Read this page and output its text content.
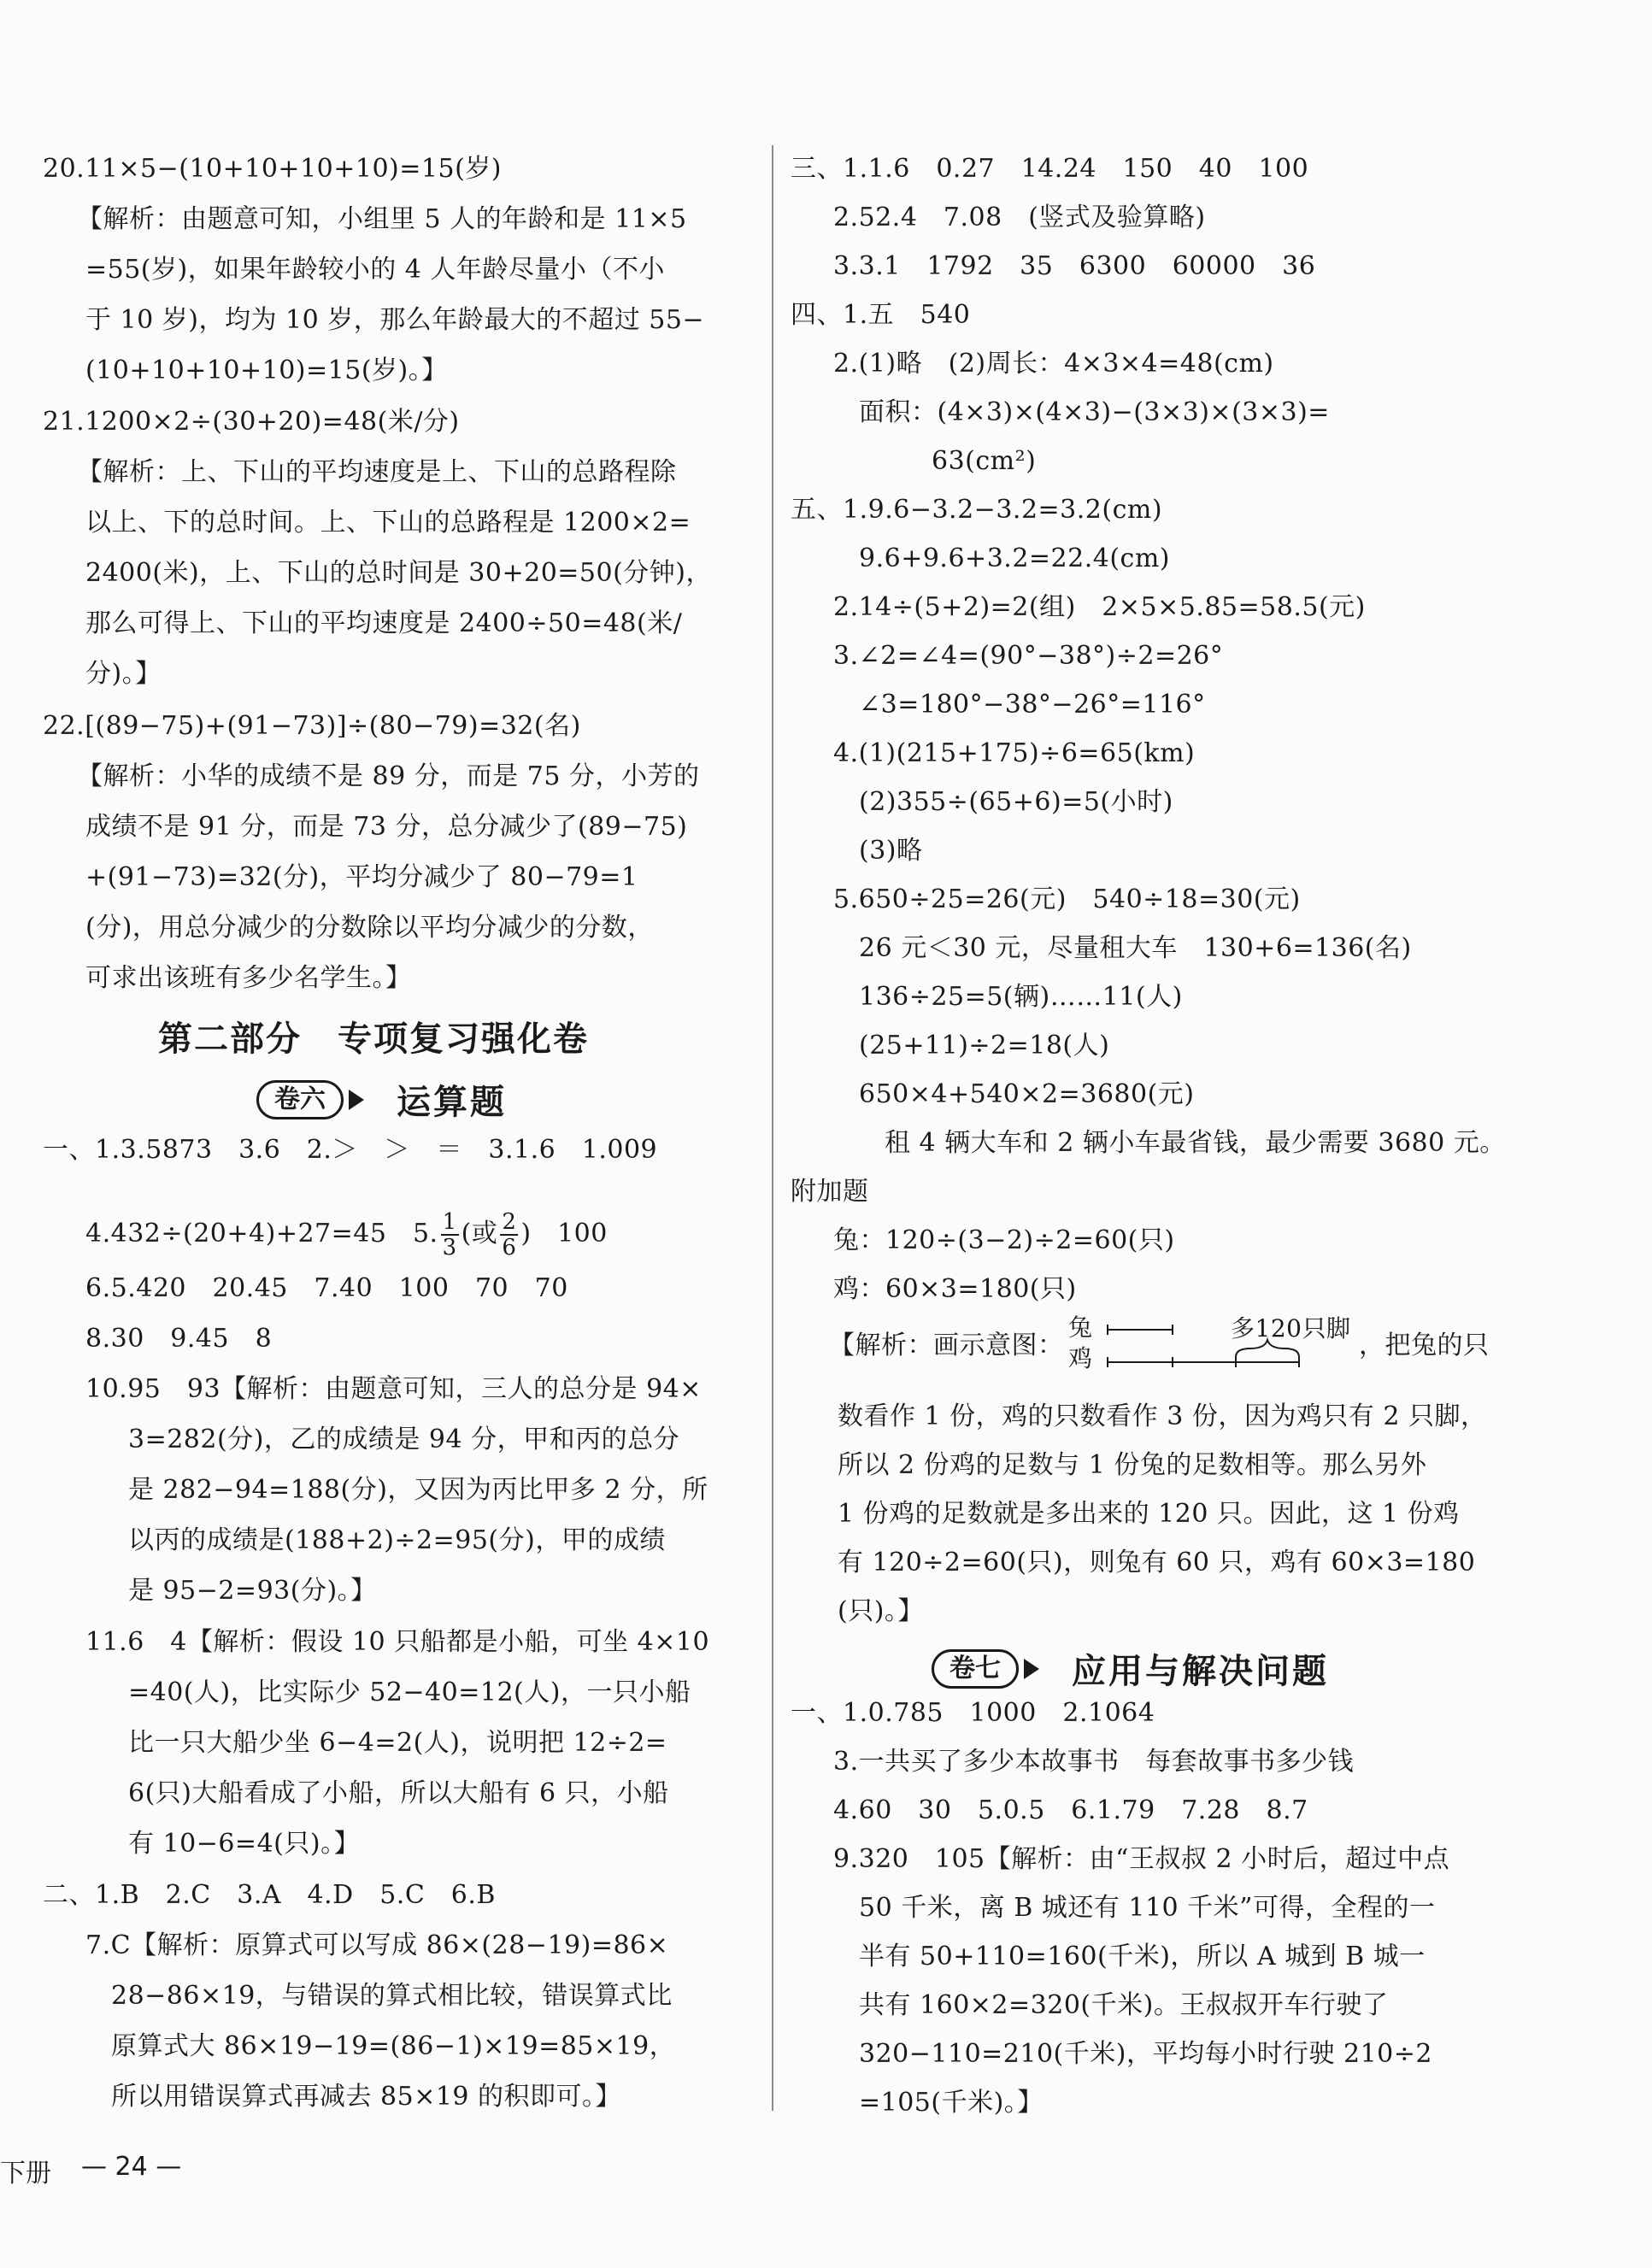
20.11×5−(10+10+10+10)=15(岁)
【解析：由题意可知，小组里 5 人的年龄和是 11×5
=55(岁)，如果年龄较小的 4 人年龄尽量小（不小
于 10 岁)，均为 10 岁，那么年龄最大的不超过 55−
(10+10+10+10)=15(岁)。】
21.1200×2÷(30+20)=48(米/分)
【解析：上、下山的平均速度是上、下山的总路程除
以上、下的总时间。上、下山的总路程是 1200×2=
2400(米)，上、下山的总时间是 30+20=50(分钟)，
那么可得上、下山的平均速度是 2400÷50=48(米/
分)。】
22.[(89−75)+(91−73)]÷(80−79)=32(名)
【解析：小华的成绩不是 89 分，而是 75 分，小芳的
成绩不是 91 分，而是 73 分，总分减少了(89−75)
+(91−73)=32(分)，平均分减少了 80−79=1
(分)，用总分减少的分数除以平均分减少的分数，
可求出该班有多少名学生。】
第二部分　专项复习强化卷
卷六	运算题
一、1.3.5873　3.6　2.＞　＞　＝　3.1.6　1.009
4.432÷(20+4)+27=45　5. $\frac{1}{3}$ (或 $\frac{2}{6}$ )　100
6.5.420　20.45　7.40　100　70　70
8.30　9.45　8
10.95　93【解析：由题意可知，三人的总分是 94×
3=282(分)，乙的成绩是 94 分，甲和丙的总分
是 282−94=188(分)，又因为丙比甲多 2 分，所
以丙的成绩是(188+2)÷2=95(分)，甲的成绩
是 95−2=93(分)。】
11.6　4【解析：假设 10 只船都是小船，可坐 4×10
=40(人)，比实际少 52−40=12(人)，一只小船
比一只大船少坐 6−4=2(人)，说明把 12÷2=
6(只)大船看成了小船，所以大船有 6 只，小船
有 10−6=4(只)。】
二、1.B　2.C　3.A　4.D　5.C　6.B
7.C【解析：原算式可以写成 86×(28−19)=86×
28−86×19，与错误的算式相比较，错误算式比
原算式大 86×19−19=(86−1)×19=85×19，
所以用错误算式再减去 85×19 的积即可。】
三、1.1.6　0.27　14.24　150　40　100
2.52.4　7.08　(竖式及验算略)
3.3.1　1792　35　6300　60000　36
四、1.五　540
2.(1)略　(2)周长：4×3×4=48(cm)
面积：(4×3)×(4×3)−(3×3)×(3×3)=
63(cm²)
五、1.9.6−3.2−3.2=3.2(cm)
9.6+9.6+3.2=22.4(cm)
2.14÷(5+2)=2(组)　2×5×5.85=58.5(元)
3.∠2=∠4=(90°−38°)÷2=26°
∠3=180°−38°−26°=116°
4.(1)(215+175)÷6=65(km)
(2)355÷(65+6)=5(小时)
(3)略
5.650÷25=26(元)　540÷18=30(元)
26 元＜30 元，尽量租大车　130+6=136(名)
136÷25=5(辆)……11(人)
(25+11)÷2=18(人)
650×4+540×2=3680(元)
租 4 辆大车和 2 辆小车最省钱，最少需要 3680 元。
附加题
兔：120÷(3−2)÷2=60(只)
鸡：60×3=180(只)
【解析：画示意图：
兔
鸡
多120只脚
，把兔的只
数看作 1 份，鸡的只数看作 3 份，因为鸡只有 2 只脚，
所以 2 份鸡的足数与 1 份兔的足数相等。那么另外
1 份鸡的足数就是多出来的 120 只。因此，这 1 份鸡
有 120÷2=60(只)，则兔有 60 只，鸡有 60×3=180
(只)。】
卷七	应用与解决问题
一、1.0.785　1000　2.1064
3.一共买了多少本故事书　每套故事书多少钱
4.60　30　5.0.5　6.1.79　7.28　8.7
9.320　105【解析：由“王叔叔 2 小时后，超过中点
50 千米，离 B 城还有 110 千米”可得，全程的一
半有 50+110=160(千米)，所以 A 城到 B 城一
共有 160×2=320(千米)。王叔叔开车行驶了
320−110=210(千米)，平均每小时行驶 210÷2
=105(千米)。】
下册 — 24 —
